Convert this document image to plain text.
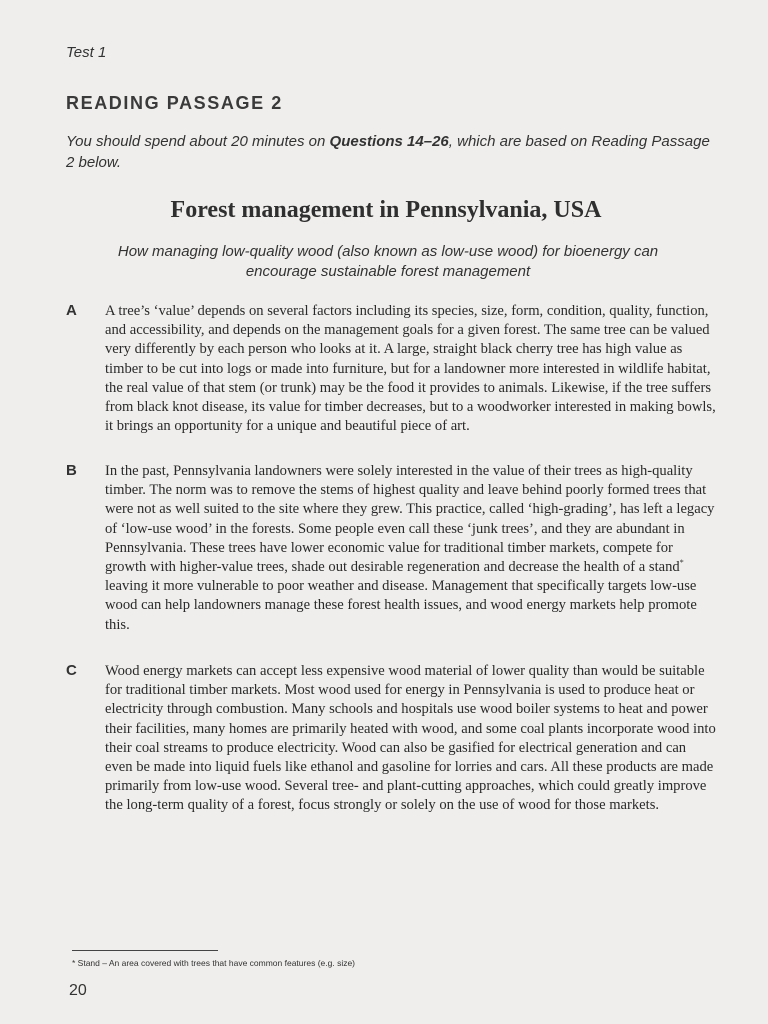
Test 1
READING PASSAGE 2
You should spend about 20 minutes on Questions 14–26, which are based on Reading Passage 2 below.
Forest management in Pennsylvania, USA
How managing low-quality wood (also known as low-use wood) for bioenergy can encourage sustainable forest management
A A tree’s ‘value’ depends on several factors including its species, size, form, condition, quality, function, and accessibility, and depends on the management goals for a given forest. The same tree can be valued very differently by each person who looks at it. A large, straight black cherry tree has high value as timber to be cut into logs or made into furniture, but for a landowner more interested in wildlife habitat, the real value of that stem (or trunk) may be the food it provides to animals. Likewise, if the tree suffers from black knot disease, its value for timber decreases, but to a woodworker interested in making bowls, it brings an opportunity for a unique and beautiful piece of art.
B In the past, Pennsylvania landowners were solely interested in the value of their trees as high-quality timber. The norm was to remove the stems of highest quality and leave behind poorly formed trees that were not as well suited to the site where they grew. This practice, called ‘high-grading’, has left a legacy of ‘low-use wood’ in the forests. Some people even call these ‘junk trees’, and they are abundant in Pennsylvania. These trees have lower economic value for traditional timber markets, compete for growth with higher-value trees, shade out desirable regeneration and decrease the health of a stand* leaving it more vulnerable to poor weather and disease. Management that specifically targets low-use wood can help landowners manage these forest health issues, and wood energy markets help promote this.
C Wood energy markets can accept less expensive wood material of lower quality than would be suitable for traditional timber markets. Most wood used for energy in Pennsylvania is used to produce heat or electricity through combustion. Many schools and hospitals use wood boiler systems to heat and power their facilities, many homes are primarily heated with wood, and some coal plants incorporate wood into their coal streams to produce electricity. Wood can also be gasified for electrical generation and can even be made into liquid fuels like ethanol and gasoline for lorries and cars. All these products are made primarily from low-use wood. Several tree- and plant-cutting approaches, which could greatly improve the long-term quality of a forest, focus strongly or solely on the use of wood for those markets.
* Stand – An area covered with trees that have common features (e.g. size)
20
